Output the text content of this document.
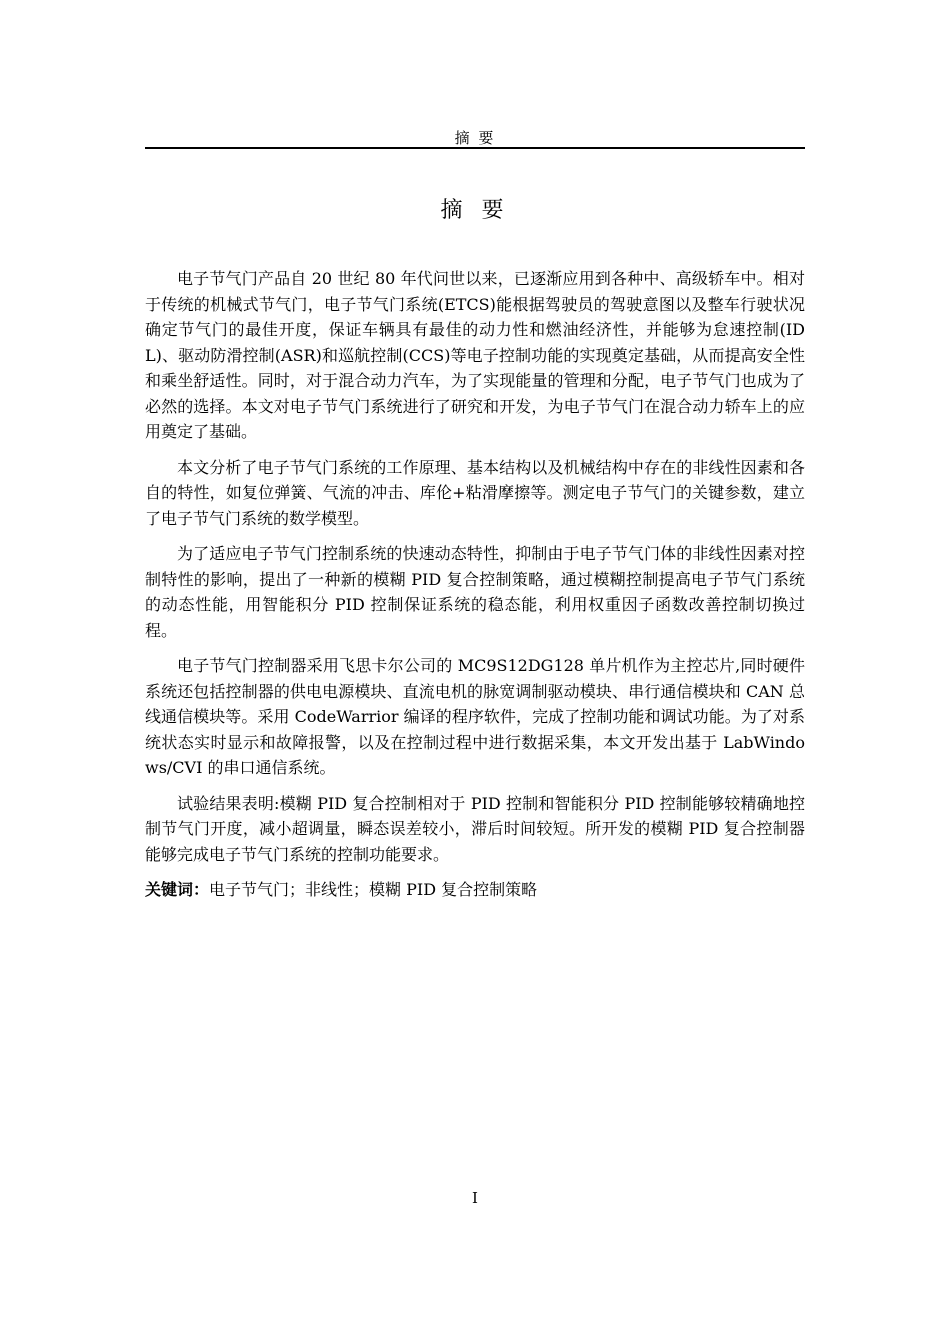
摘 要
摘 要

电子节气门产品自 20 世纪 80 年代问世以来，已逐渐应用到各种中、高级轿车中。相对于传统的机械式节气门，电子节气门系统(ETCS)能根据驾驶员的驾驶意图以及整车行驶状况确定节气门的最佳开度，保证车辆具有最佳的动力性和燃油经济性，并能够为怠速控制(IDL)、驱动防滑控制(ASR)和巡航控制(CCS)等电子控制功能的实现奠定基础，从而提高安全性和乘坐舒适性。同时，对于混合动力汽车，为了实现能量的管理和分配，电子节气门也成为了必然的选择。本文对电子节气门系统进行了研究和开发，为电子节气门在混合动力轿车上的应用奠定了基础。

本文分析了电子节气门系统的工作原理、基本结构以及机械结构中存在的非线性因素和各自的特性，如复位弹簧、气流的冲击、库伦+粘滑摩擦等。测定电子节气门的关键参数，建立了电子节气门系统的数学模型。

为了适应电子节气门控制系统的快速动态特性，抑制由于电子节气门体的非线性因素对控制特性的影响，提出了一种新的模糊 PID 复合控制策略，通过模糊控制提高电子节气门系统的动态性能，用智能积分 PID 控制保证系统的稳态能，利用权重因子函数改善控制切换过程。

电子节气门控制器采用飞思卡尔公司的 MC9S12DG128 单片机作为主控芯片,同时硬件系统还包括控制器的供电电源模块、直流电机的脉宽调制驱动模块、串行通信模块和 CAN 总线通信模块等。采用 CodeWarrior 编译的程序软件，完成了控制功能和调试功能。为了对系统状态实时显示和故障报警，以及在控制过程中进行数据采集，本文开发出基于 LabWindows/CVI 的串口通信系统。

试验结果表明:模糊 PID 复合控制相对于 PID 控制和智能积分 PID 控制能够较精确地控制节气门开度，减小超调量，瞬态误差较小，滞后时间较短。所开发的模糊 PID 复合控制器能够完成电子节气门系统的控制功能要求。

关键词：电子节气门；非线性；模糊 PID 复合控制策略

I
